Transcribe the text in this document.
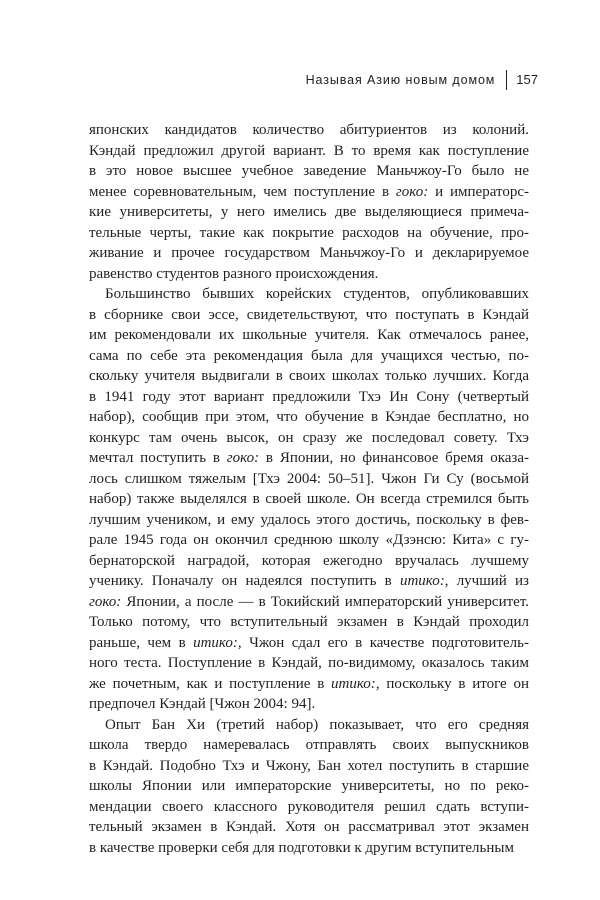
Называя Азию новым домом	157
японских кандидатов количество абитуриентов из колоний.
Кэндай предложил другой вариант. В то время как поступление
в это новое высшее учебное заведение Маньчжоу-Го было не
менее соревновательным, чем поступление в гоко: и императорс-
кие университеты, у него имелись две выделяющиеся примеча-
тельные черты, такие как покрытие расходов на обучение, про-
живание и прочее государством Маньчжоу-Го и декларируемое
равенство студентов разного происхождения.
Большинство бывших корейских студентов, опубликовавших
в сборнике свои эссе, свидетельствуют, что поступать в Кэндай
им рекомендовали их школьные учителя. Как отмечалось ранее,
сама по себе эта рекомендация была для учащихся честью, по-
скольку учителя выдвигали в своих школах только лучших. Когда
в 1941 году этот вариант предложили Тхэ Ин Сону (четвертый
набор), сообщив при этом, что обучение в Кэндае бесплатно, но
конкурс там очень высок, он сразу же последовал совету. Тхэ
мечтал поступить в гоко: в Японии, но финансовое бремя оказа-
лось слишком тяжелым [Тхэ 2004: 50–51]. Чжон Ги Су (восьмой
набор) также выделялся в своей школе. Он всегда стремился быть
лучшим учеником, и ему удалось этого достичь, поскольку в фев-
рале 1945 года он окончил среднюю школу «Дзэнсю: Кита» с гу-
бернаторской наградой, которая ежегодно вручалась лучшему
ученику. Поначалу он надеялся поступить в итико:, лучший из
гоко: Японии, а после — в Токийский императорский университет.
Только потому, что вступительный экзамен в Кэндай проходил
раньше, чем в итико:, Чжон сдал его в качестве подготовитель-
ного теста. Поступление в Кэндай, по-видимому, оказалось таким
же почетным, как и поступление в итико:, поскольку в итоге он
предпочел Кэндай [Чжон 2004: 94].
Опыт Бан Хи (третий набор) показывает, что его средняя
школа твердо намеревалась отправлять своих выпускников
в Кэндай. Подобно Тхэ и Чжону, Бан хотел поступить в старшие
школы Японии или императорские университеты, но по реко-
мендации своего классного руководителя решил сдать вступи-
тельный экзамен в Кэндай. Хотя он рассматривал этот экзамен
в качестве проверки себя для подготовки к другим вступительным
